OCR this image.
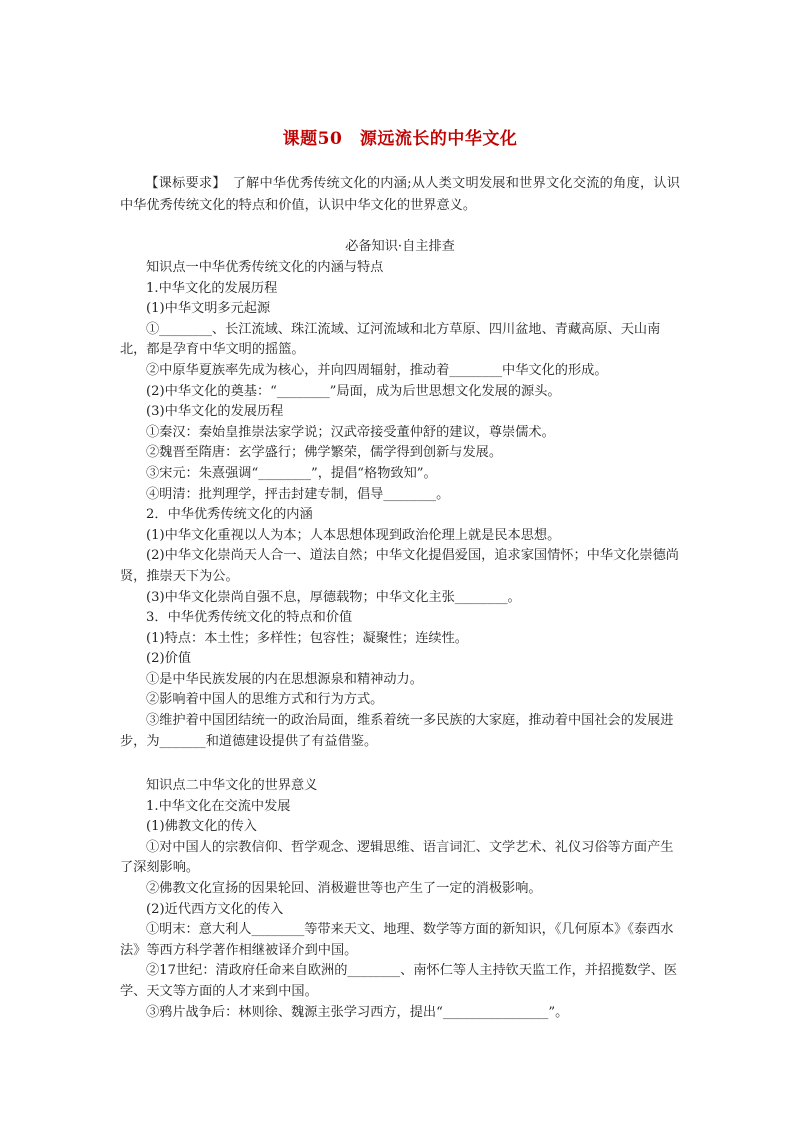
课题50　源远流长的中华文化
【课标要求】　了解中华优秀传统文化的内涵;从人类文明发展和世界文化交流的角度，认识中华优秀传统文化的特点和价值，认识中华文化的世界意义。
必备知识·自主排查

知识点一中华优秀传统文化的内涵与特点

1.中华文化的发展历程

(1)中华文明多元起源

①________、长江流域、珠江流域、辽河流域和北方草原、四川盆地、青藏高原、天山南北，都是孕育中华文明的摇篮。

②中原华夏族率先成为核心，并向四周辐射，推动着________中华文化的形成。

(2)中华文化的奠基：“________”局面，成为后世思想文化发展的源头。

(3)中华文化的发展历程

①秦汉：秦始皇推崇法家学说；汉武帝接受董仲舒的建议，尊崇儒术。

②魏晋至隋唐：玄学盛行；佛学繁荣，儒学得到创新与发展。

③宋元：朱熹强调“________”，提倡“格物致知”。

④明清：批判理学，抨击封建专制，倡导________。

2．中华优秀传统文化的内涵

(1)中华文化重视以人为本；人本思想体现到政治伦理上就是民本思想。

(2)中华文化崇尚天人合一、道法自然；中华文化提倡爱国，追求家国情怀；中华文化崇德尚贤，推崇天下为公。

(3)中华文化崇尚自强不息，厚德载物；中华文化主张________。

3．中华优秀传统文化的特点和价值

(1)特点：本土性；多样性；包容性；凝聚性；连续性。

(2)价值

①是中华民族发展的内在思想源泉和精神动力。

②影响着中国人的思维方式和行为方式。

③维护着中国团结统一的政治局面，维系着统一多民族的大家庭，推动着中国社会的发展进步，为_______和道德建设提供了有益借鉴。

知识点二中华文化的世界意义

1.中华文化在交流中发展

(1)佛教文化的传入

①对中国人的宗教信仰、哲学观念、逻辑思维、语言词汇、文学艺术、礼仪习俗等方面产生了深刻影响。

②佛教文化宣扬的因果轮回、消极避世等也产生了一定的消极影响。

(2)近代西方文化的传入

①明末：意大利人________等带来天文、地理、数学等方面的新知识，《几何原本》《泰西水法》等西方科学著作相继被译介到中国。

②17世纪：清政府任命来自欧洲的________、南怀仁等人主持钦天监工作，并招揽数学、医学、天文等方面的人才来到中国。

③鸦片战争后：林则徐、魏源主张学习西方，提出“________________”。
